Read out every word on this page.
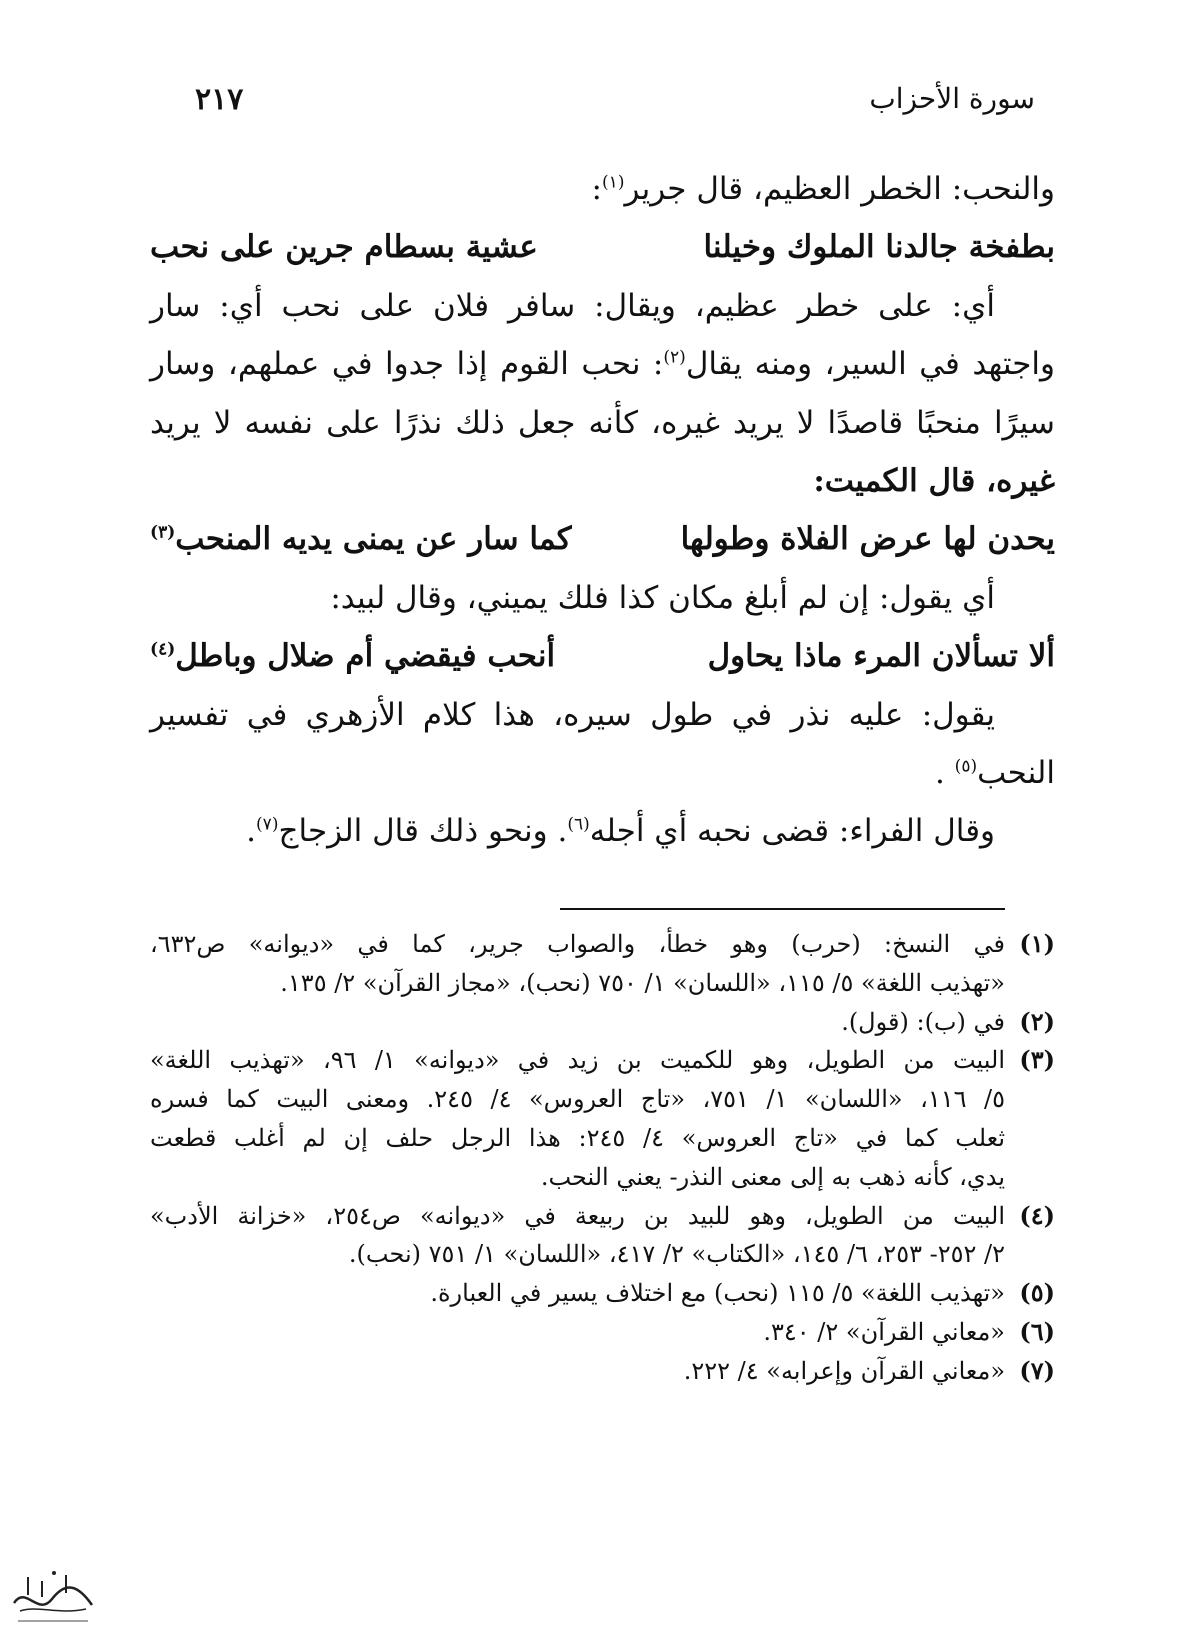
سورة الأحزاب
٢١٧
والنحب: الخطر العظيم، قال جرير$^{(١)}$:
بطفخة جالدنا الملوك وخيلنا
عشية بسطام جرين على نحب
أي: على خطر عظيم، ويقال: سافر فلان على نحب أي: سار
واجتهد في السير، ومنه يقال$^{(٢)}$: نحب القوم إذا جدوا في عملهم، وسار
سيرًا منحبًا قاصدًا لا يريد غيره، كأنه جعل ذلك نذرًا على نفسه لا يريد
غيره، قال الكميت:
يحدن لها عرض الفلاة وطولها
كما سار عن يمنى يديه المنحب$^{(٣)}$
أي يقول: إن لم أبلغ مكان كذا فلك يميني، وقال لبيد:
ألا تسألان المرء ماذا يحاول
أنحب فيقضي أم ضلال وباطل$^{(٤)}$
يقول: عليه نذر في طول سيره، هذا كلام الأزهري في تفسير
النحب$^{(٥)}$ .
وقال الفراء: قضى نحبه أي أجله$^{(٦)}$. ونحو ذلك قال الزجاج$^{(٧)}$.
(١)
في النسخ: (حرب) وهو خطأ، والصواب جرير، كما في «ديوانه» ص٦٣٢،
«تهذيب اللغة» ٥/ ١١٥، «اللسان» ١/ ٧٥٠ (نحب)، «مجاز القرآن» ٢/ ١٣٥.
(٢)
في (ب): (قول).
(٣)
البيت من الطويل، وهو للكميت بن زيد في «ديوانه» ١/ ٩٦، «تهذيب اللغة»
٥/ ١١٦، «اللسان» ١/ ٧٥١، «تاج العروس» ٤/ ٢٤٥. ومعنى البيت كما فسره
ثعلب كما في «تاج العروس» ٤/ ٢٤٥: هذا الرجل حلف إن لم أغلب قطعت
يدي، كأنه ذهب به إلى معنى النذر- يعني النحب.
(٤)
البيت من الطويل، وهو للبيد بن ربيعة في «ديوانه» ص٢٥٤، «خزانة الأدب»
٢/ ٢٥٢- ٢٥٣، ٦/ ١٤٥، «الكتاب» ٢/ ٤١٧، «اللسان» ١/ ٧٥١ (نحب).
(٥)
«تهذيب اللغة» ٥/ ١١٥ (نحب) مع اختلاف يسير في العبارة.
(٦)
«معاني القرآن» ٢/ ٣٤٠.
(٧)
«معاني القرآن وإعرابه» ٤/ ٢٢٢.
